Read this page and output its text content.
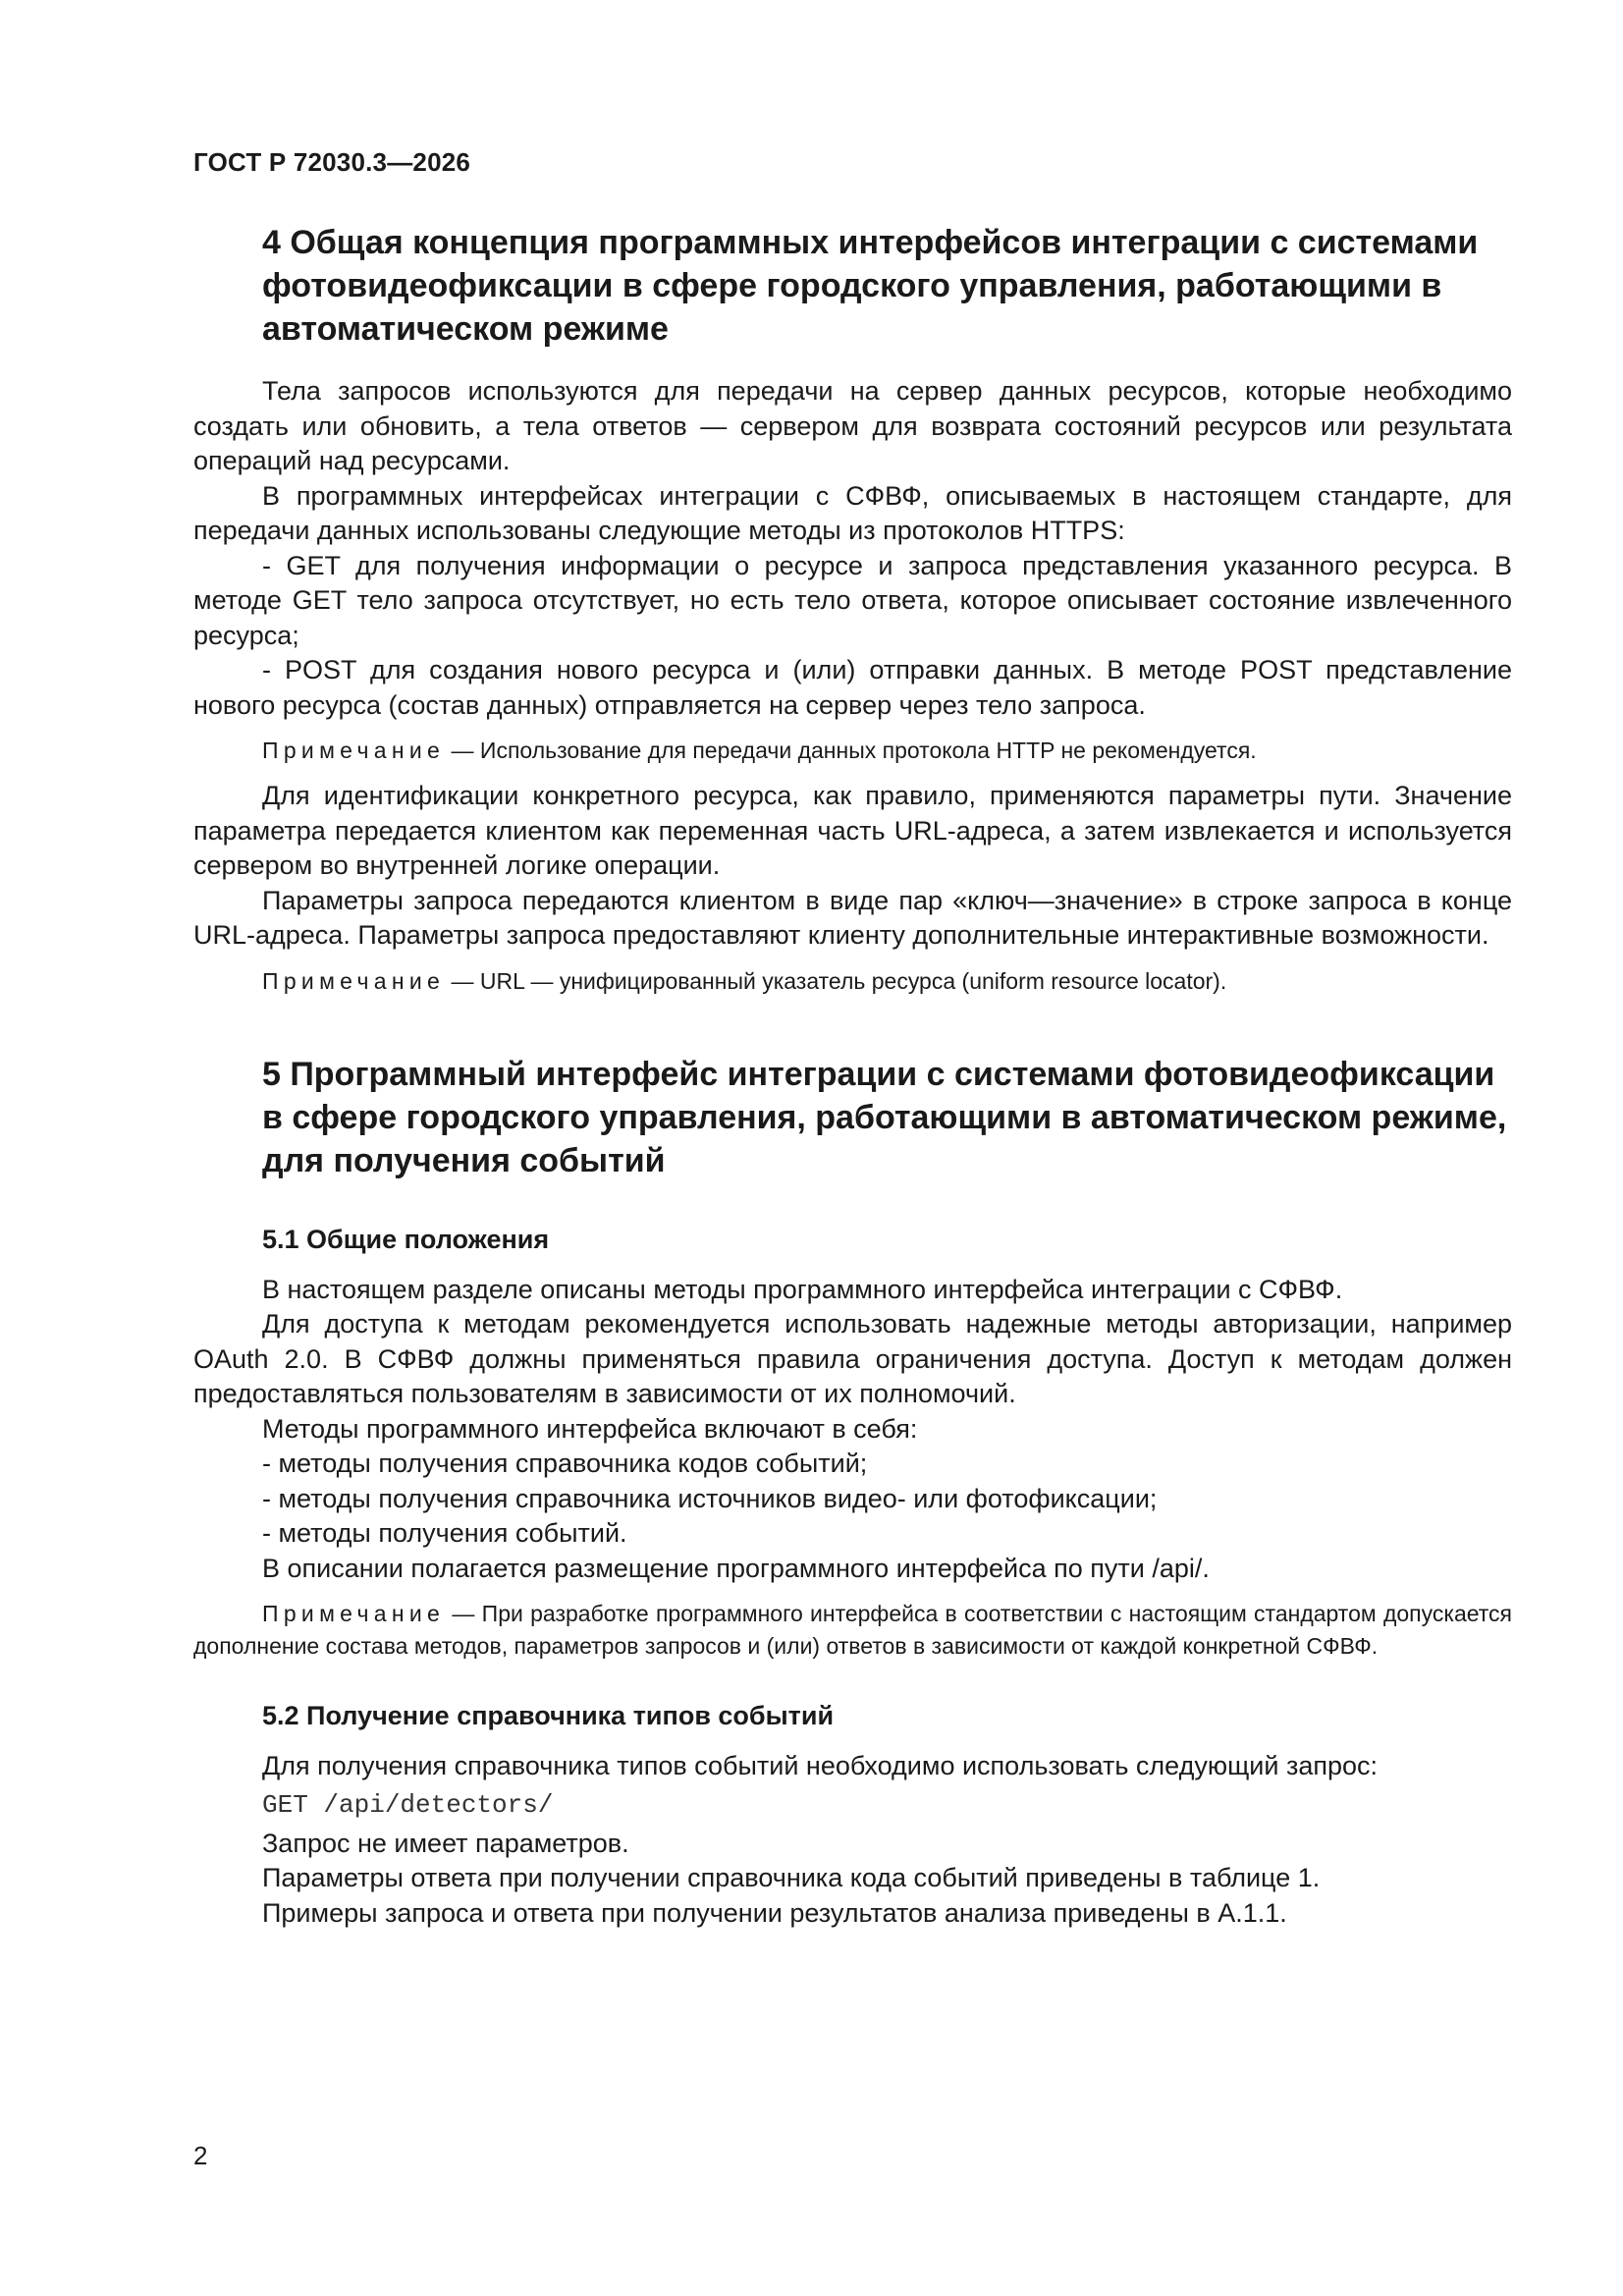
ГОСТ Р 72030.3—2026
4 Общая концепция программных интерфейсов интеграции с системами фотовидеофиксации в сфере городского управления, работающими в автоматическом режиме

Тела запросов используются для передачи на сервер данных ресурсов, которые необходимо создать или обновить, а тела ответов — сервером для возврата состояний ресурсов или результата операций над ресурсами.

В программных интерфейсах интеграции с СФВФ, описываемых в настоящем стандарте, для передачи данных использованы следующие методы из протоколов HTTPS:

- GET для получения информации о ресурсе и запроса представления указанного ресурса. В методе GET тело запроса отсутствует, но есть тело ответа, которое описывает состояние извлеченного ресурса;

- POST для создания нового ресурса и (или) отправки данных. В методе POST представление нового ресурса (состав данных) отправляется на сервер через тело запроса.

Примечание — Использование для передачи данных протокола HTTP не рекомендуется.

Для идентификации конкретного ресурса, как правило, применяются параметры пути. Значение параметра передается клиентом как переменная часть URL-адреса, а затем извлекается и используется сервером во внутренней логике операции.

Параметры запроса передаются клиентом в виде пар «ключ—значение» в строке запроса в конце URL-адреса. Параметры запроса предоставляют клиенту дополнительные интерактивные возможности.

Примечание — URL — унифицированный указатель ресурса (uniform resource locator).

5 Программный интерфейс интеграции с системами фотовидеофиксации в сфере городского управления, работающими в автоматическом режиме, для получения событий
5.1 Общие положения

В настоящем разделе описаны методы программного интерфейса интеграции с СФВФ.

Для доступа к методам рекомендуется использовать надежные методы авторизации, например OAuth 2.0. В СФВФ должны применяться правила ограничения доступа. Доступ к методам должен предоставляться пользователям в зависимости от их полномочий.

Методы программного интерфейса включают в себя:

- методы получения справочника кодов событий;

- методы получения справочника источников видео- или фотофиксации;

- методы получения событий.

В описании полагается размещение программного интерфейса по пути /api/.

Примечание — При разработке программного интерфейса в соответствии с настоящим стандартом допускается дополнение состава методов, параметров запросов и (или) ответов в зависимости от каждой конкретной СФВФ.

5.2 Получение справочника типов событий

Для получения справочника типов событий необходимо использовать следующий запрос:

GET /api/detectors/

Запрос не имеет параметров.

Параметры ответа при получении справочника кода событий приведены в таблице 1.

Примеры запроса и ответа при получении результатов анализа приведены в А.1.1.

2
